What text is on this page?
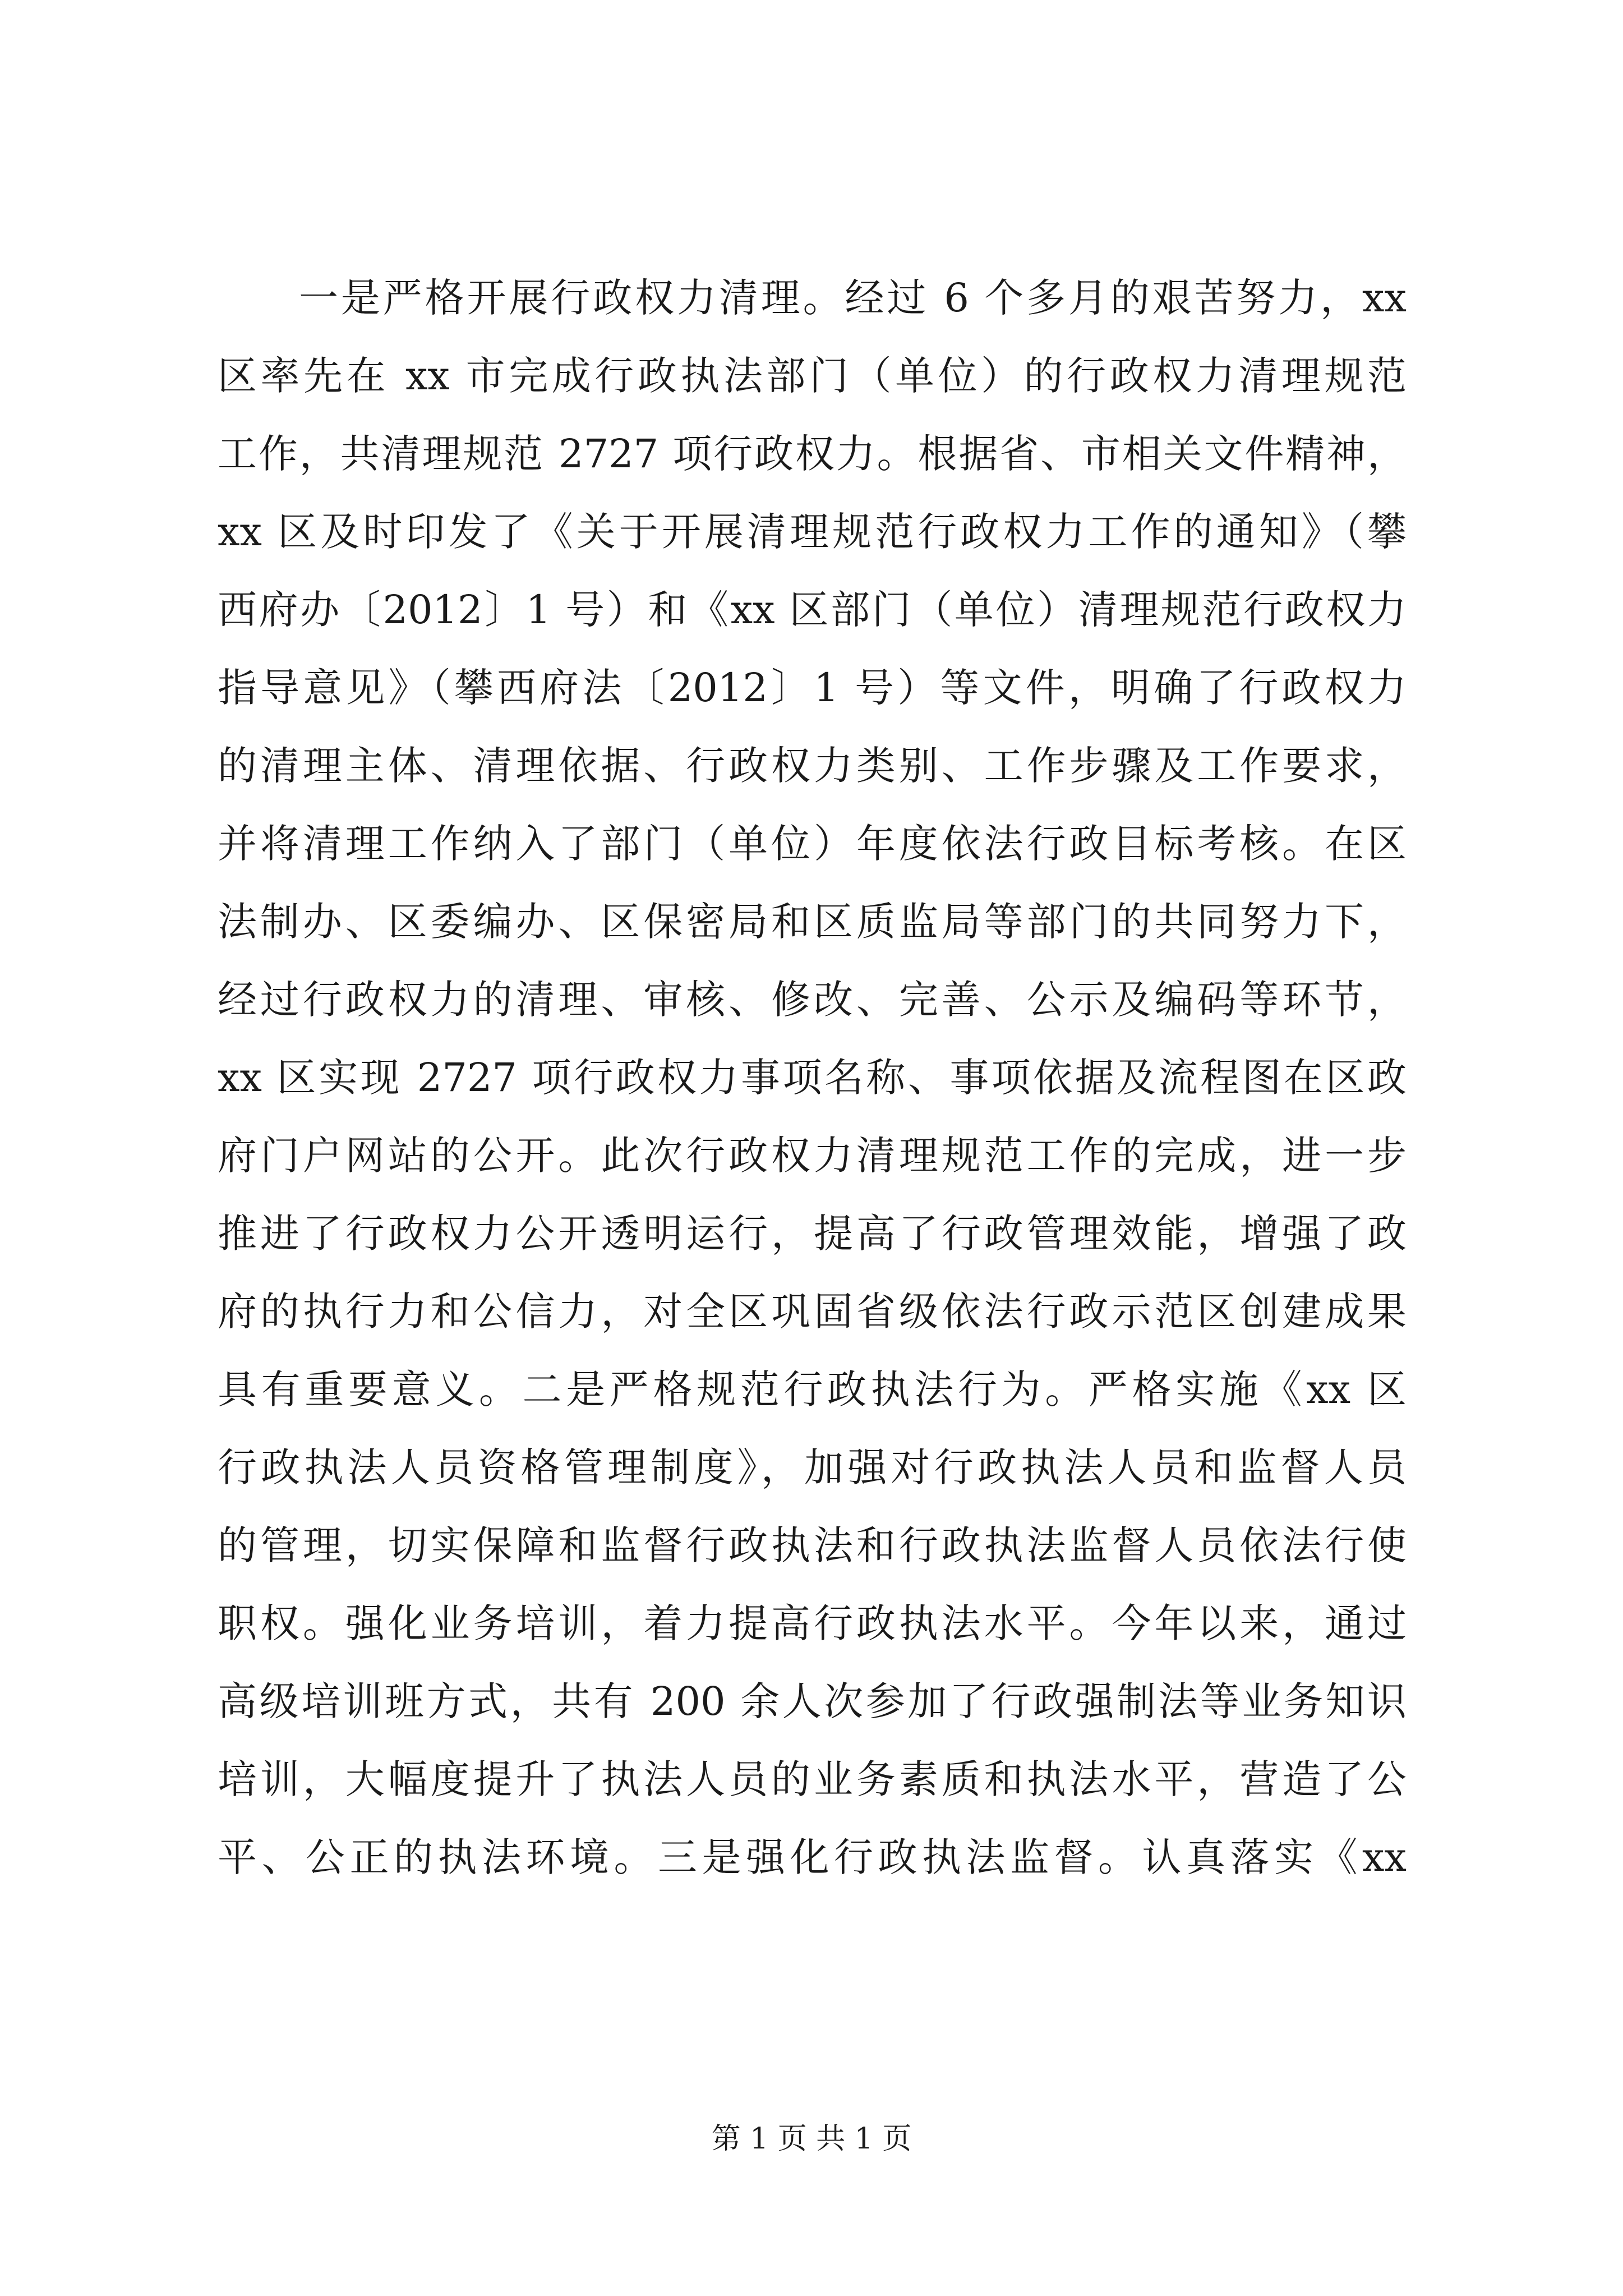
一是严格开展行政权力清理。经过 6 个多月的艰苦努力，xx
区率先在 xx 市完成行政执法部门（单位）的行政权力清理规范
工作，共清理规范 2727 项行政权力。根据省、市相关文件精神，
xx 区及时印发了《关于开展清理规范行政权力工作的通知》（攀
西府办〔2012〕1 号）和《xx 区部门（单位）清理规范行政权力
指导意见》（攀西府法〔2012〕1 号）等文件，明确了行政权力
的清理主体、清理依据、行政权力类别、工作步骤及工作要求，
并将清理工作纳入了部门（单位）年度依法行政目标考核。在区
法制办、区委编办、区保密局和区质监局等部门的共同努力下，
经过行政权力的清理、审核、修改、完善、公示及编码等环节，
xx 区实现 2727 项行政权力事项名称、事项依据及流程图在区政
府门户网站的公开。此次行政权力清理规范工作的完成，进一步
推进了行政权力公开透明运行，提高了行政管理效能，增强了政
府的执行力和公信力，对全区巩固省级依法行政示范区创建成果
具有重要意义。二是严格规范行政执法行为。严格实施《xx 区
行政执法人员资格管理制度》，加强对行政执法人员和监督人员
的管理，切实保障和监督行政执法和行政执法监督人员依法行使
职权。强化业务培训，着力提高行政执法水平。今年以来，通过
高级培训班方式，共有 200 余人次参加了行政强制法等业务知识
培训，大幅度提升了执法人员的业务素质和执法水平，营造了公
平、公正的执法环境。三是强化行政执法监督。认真落实《xx
第 1 页 共 1 页
